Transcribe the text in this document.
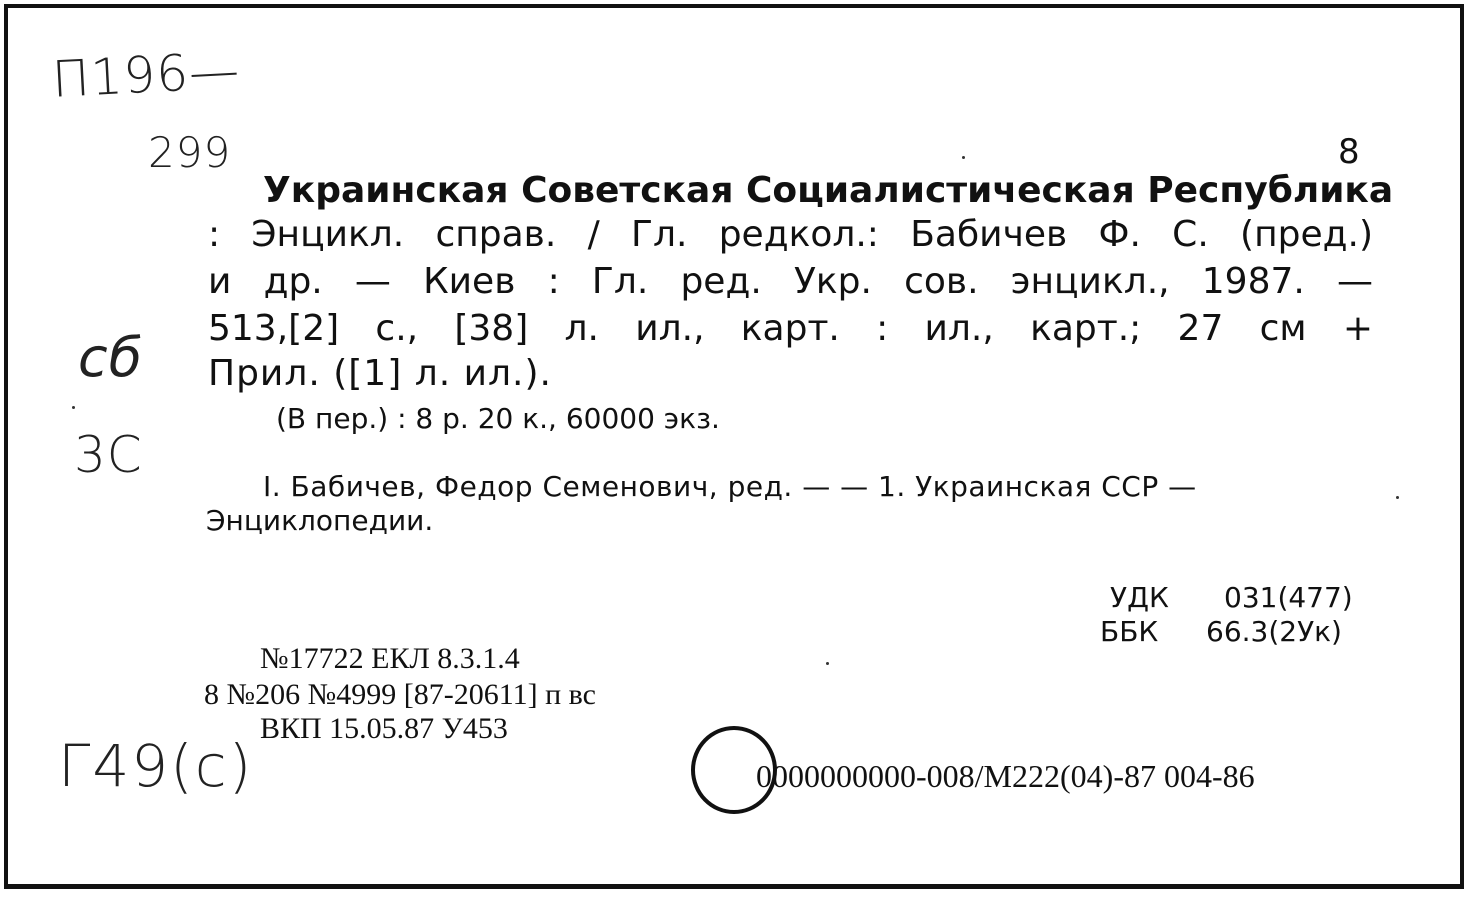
П196—
299
сб
3С
Г49(с)
8
Украинская Советская Социалистическая Республика
: Энцикл. справ. / Гл. редкол.: Бабичев Ф. С. (пред.)
и др. — Киев : Гл. ред. Укр. сов. энцикл., 1987. —
513,[2] с., [38] л. ил., карт. : ил., карт.; 27 см +
Прил. ([1] л. ил.).
(В пер.) : 8 р. 20 к., 60000 экз.
I. Бабичев, Федор Семенович, ред. — — 1. Украинская ССР —
Энциклопедии.
УДК 031(477)
ББК 66.3(2Ук)
№17722 ЕКЛ 8.3.1.4
8 №206 №4999 [87-20611] п вс
ВКП 15.05.87 У453
0000000000-008/М222(04)-87 004-86
